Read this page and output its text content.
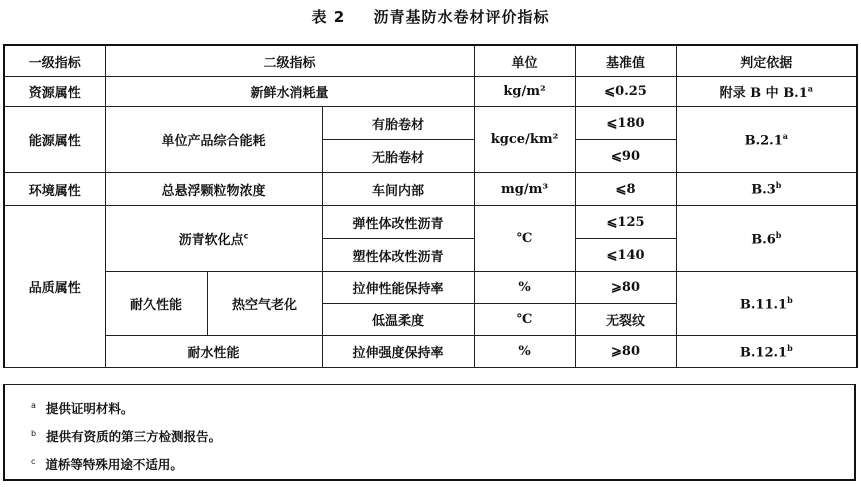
表 2 沥青基防水卷材评价指标
一级指标	二级指标			单位	基准值	判定依据
资源属性	新鲜水消耗量			kg/m²	⩽0.25	附录 B 中 B.1$^a$
能源属性	单位产品综合能耗		有胎卷材	kgce/km²	⩽180	B.2.1$^a$
			无胎卷材		⩽90	
环境属性	总悬浮颗粒物浓度		车间内部	mg/m³	⩽8	B.3$^b$
品质属性	沥青软化点$^c$		弹性体改性沥青	℃	⩽125	B.6$^b$
			塑性体改性沥青		⩽140	
	耐久性能	热空气老化	拉伸性能保持率	%	⩾80	B.11.1$^b$
			低温柔度	℃	无裂纹	
	耐水性能		拉伸强度保持率	%	⩾80	B.12.1$^b$
$^a$ 提供证明材料。
$^b$ 提供有资质的第三方检测报告。
$^c$ 道桥等特殊用途不适用。
